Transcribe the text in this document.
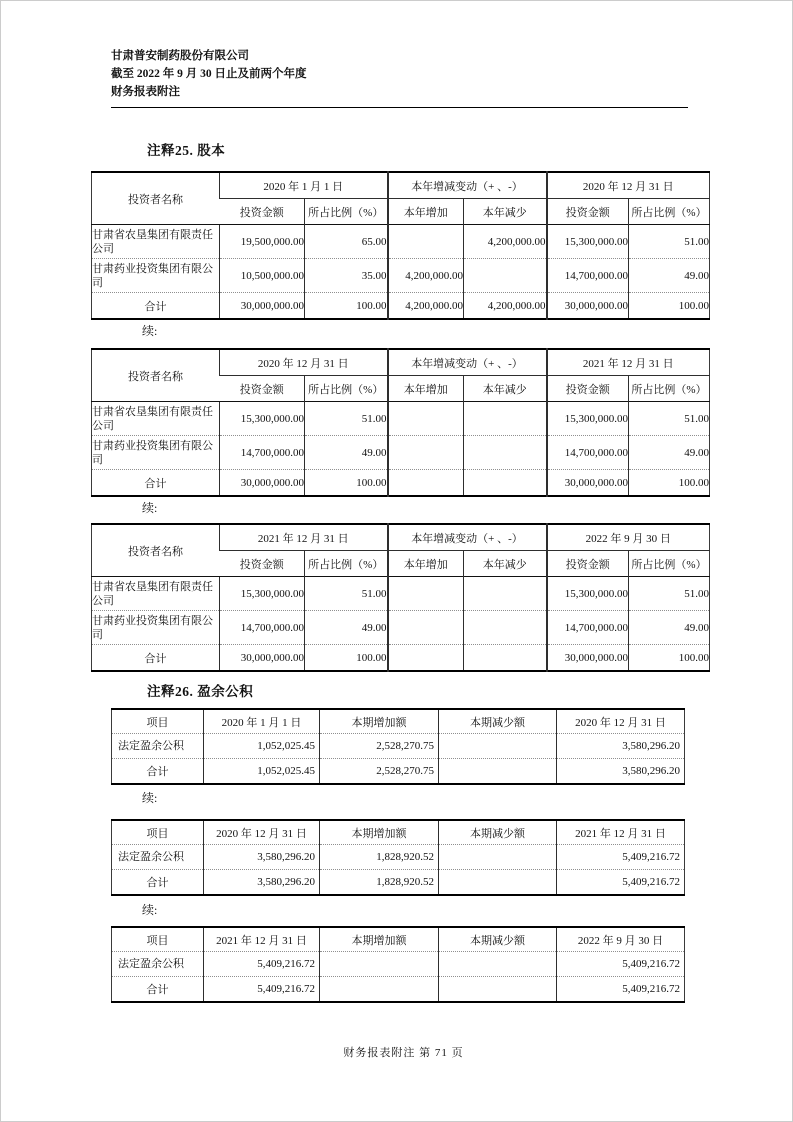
甘肃普安制药股份有限公司
截至 2022 年 9 月 30 日止及前两个年度
财务报表附注
注释25. 股本
投资者名称	2020 年 1 月 1 日		本年增减变动（+ 、-）		2020 年 12 月 31 日	
	投资金额	所占比例（%）	本年增加	本年减少	投资金额	所占比例（%）
甘肃省农垦集团有限责任公司	19,500,000.00	65.00		4,200,000.00	15,300,000.00	51.00
甘肃药业投资集团有限公司	10,500,000.00	35.00	4,200,000.00		14,700,000.00	49.00
合计	30,000,000.00	100.00	4,200,000.00	4,200,000.00	30,000,000.00	100.00
续:
投资者名称	2020 年 12 月 31 日		本年增减变动（+ 、-）		2021 年 12 月 31 日	
	投资金额	所占比例（%）	本年增加	本年减少	投资金额	所占比例（%）
甘肃省农垦集团有限责任公司	15,300,000.00	51.00			15,300,000.00	51.00
甘肃药业投资集团有限公司	14,700,000.00	49.00			14,700,000.00	49.00
合计	30,000,000.00	100.00			30,000,000.00	100.00
续:
投资者名称	2021 年 12 月 31 日		本年增减变动（+ 、-）		2022 年 9 月 30 日	
	投资金额	所占比例（%）	本年增加	本年减少	投资金额	所占比例（%）
甘肃省农垦集团有限责任公司	15,300,000.00	51.00			15,300,000.00	51.00
甘肃药业投资集团有限公司	14,700,000.00	49.00			14,700,000.00	49.00
合计	30,000,000.00	100.00			30,000,000.00	100.00
注释26. 盈余公积
项目	2020 年 1 月 1 日	本期增加额	本期减少额	2020 年 12 月 31 日
法定盈余公积	1,052,025.45	2,528,270.75		3,580,296.20
合计	1,052,025.45	2,528,270.75		3,580,296.20
续:
项目	2020 年 12 月 31 日	本期增加额	本期减少额	2021 年 12 月 31 日
法定盈余公积	3,580,296.20	1,828,920.52		5,409,216.72
合计	3,580,296.20	1,828,920.52		5,409,216.72
续:
项目	2021 年 12 月 31 日	本期增加额	本期减少额	2022 年 9 月 30 日
法定盈余公积	5,409,216.72			5,409,216.72
合计	5,409,216.72			5,409,216.72
财务报表附注 第 71 页
